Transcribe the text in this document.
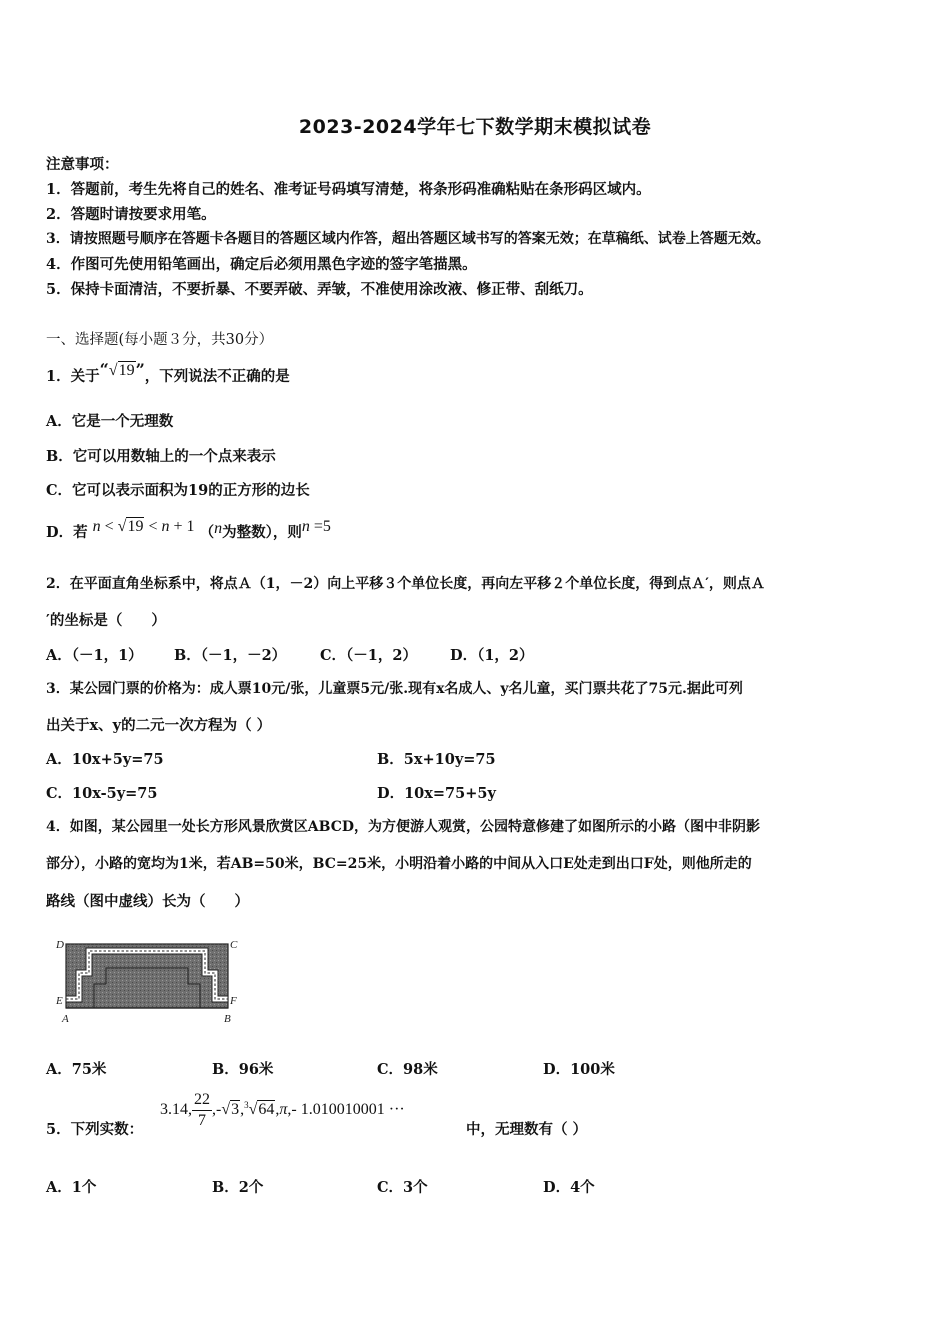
2023-2024学年七下数学期末模拟试卷
注意事项：
1．答题前，考生先将自己的姓名、准考证号码填写清楚，将条形码准确粘贴在条形码区域内。
2．答题时请按要求用笔。
3．请按照题号顺序在答题卡各题目的答题区域内作答，超出答题区域书写的答案无效；在草稿纸、试卷上答题无效。
4．作图可先使用铅笔画出，确定后必须用黑色字迹的签字笔描黑。
5．保持卡面清洁，不要折暴、不要弄破、弄皱，不准使用涂改液、修正带、刮纸刀。
一、选择题(每小题３分，共30分）
1．关于“√19”，下列说法不正确的是
A．它是一个无理数
B．它可以用数轴上的一个点来表示
C．它可以表示面积为19的正方形的边长
D．若 n < √19 < n + 1 （n为整数），则n =5
2．在平面直角坐标系中，将点Ａ（1，－2）向上平移３个单位长度，再向左平移２个单位长度，得到点Ａ′，则点Ａ
′的坐标是（　　）
A．（－1，1） B．（－1，－2） C．（－1，2） D．（1，2）
3．某公园门票的价格为：成人票10元/张，儿童票5元/张.现有x名成人、y名儿童，买门票共花了75元.据此可列
出关于x、y的二元一次方程为（ ）
A．10x+5y=75	B．5x+10y=75
C．10x-5y=75	D．10x=75+5y
4．如图，某公园里一处长方形风景欣赏区ABCD，为方便游人观赏，公园特意修建了如图所示的小路（图中非阴影
部分），小路的宽均为1米，若AB=50米，BC=25米，小明沿着小路的中间从入口E处走到出口F处，则他所走的
路线（图中虚线）长为（　　）
D	C
E	F
A	B
A．75米	B．96米	C．98米	D．100米
5．下列实数：
3.14, $\frac{22}{7} ,-√3,^3√64,\pi,-$ 1.010010001 ···
中，无理数有（ ）
A．1个	B．2个	C．3个	D．4个
